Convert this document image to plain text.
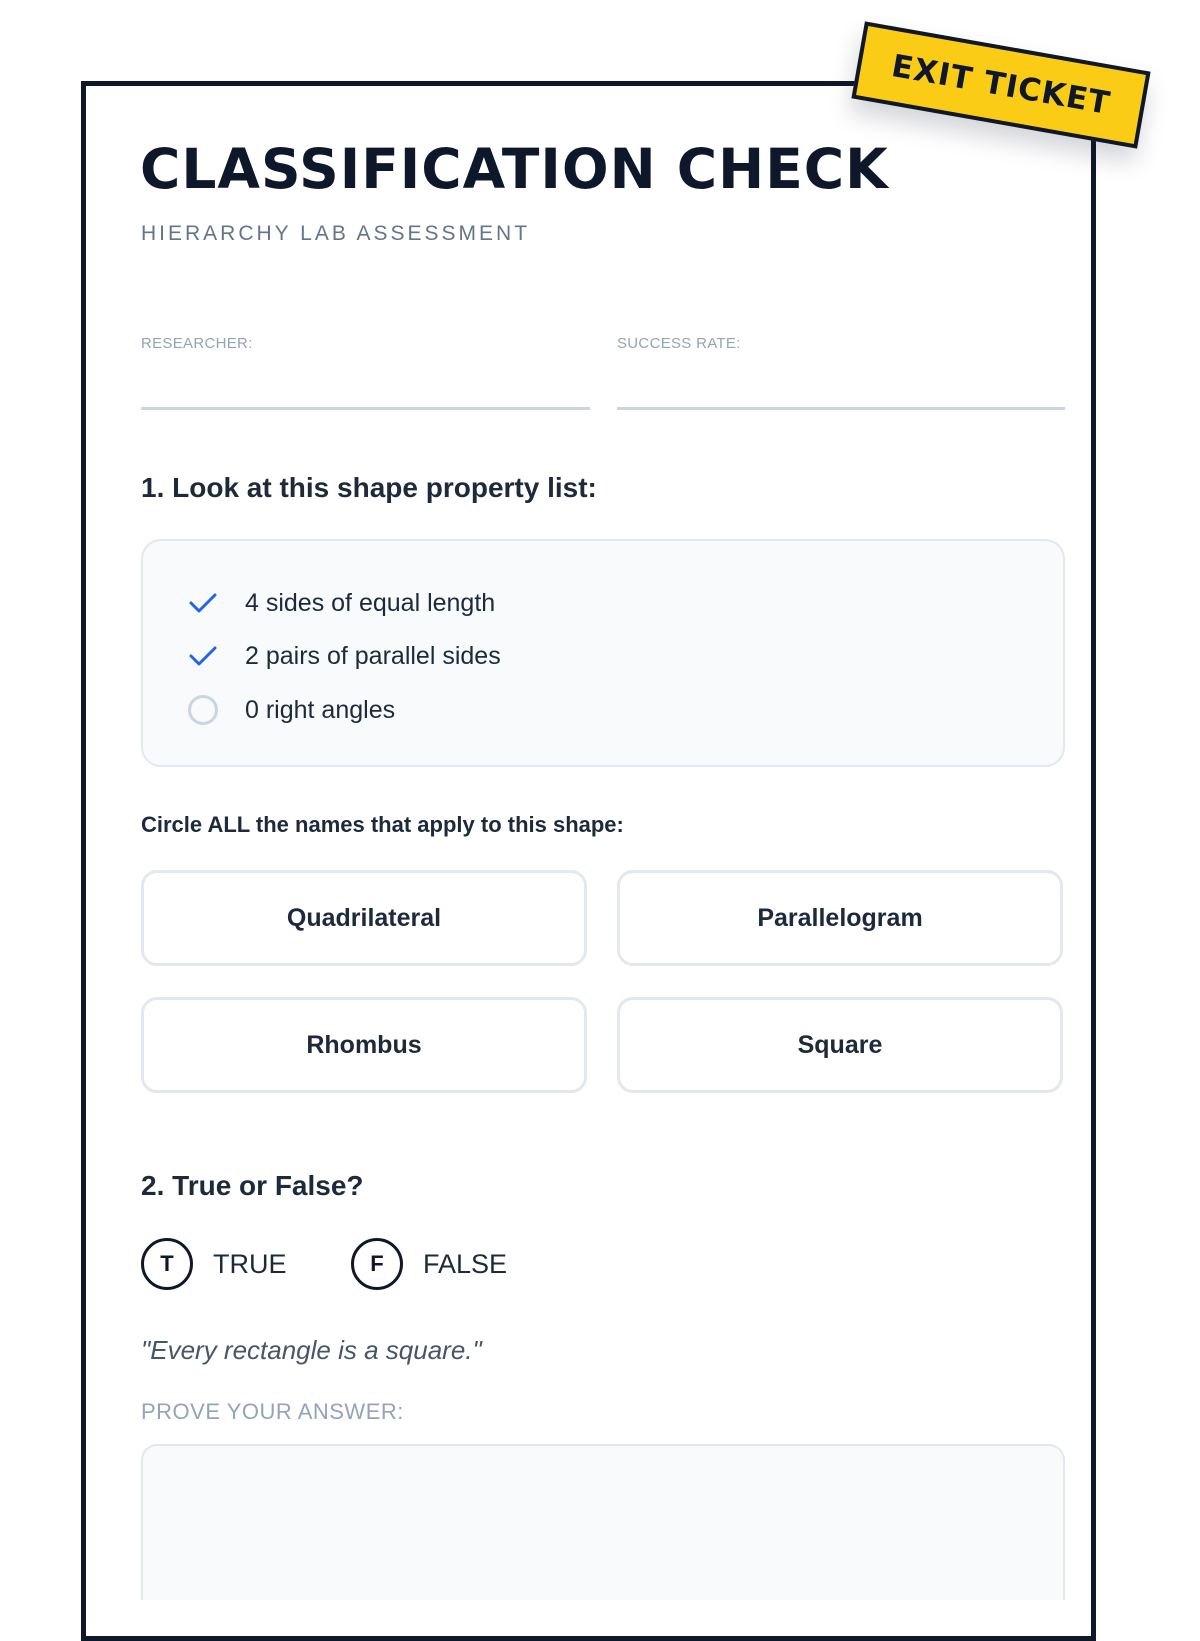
EXIT TICKET
CLASSIFICATION CHECK
HIERARCHY LAB ASSESSMENT
RESEARCHER:	SUCCESS RATE:
1. Look at this shape property list:
4 sides of equal length
2 pairs of parallel sides
0 right angles
Circle ALL the names that apply to this shape:
Quadrilateral	Parallelogram
Rhombus	Square
2. True or False?
T	TRUE	F	FALSE
"Every rectangle is a square."
PROVE YOUR ANSWER:
